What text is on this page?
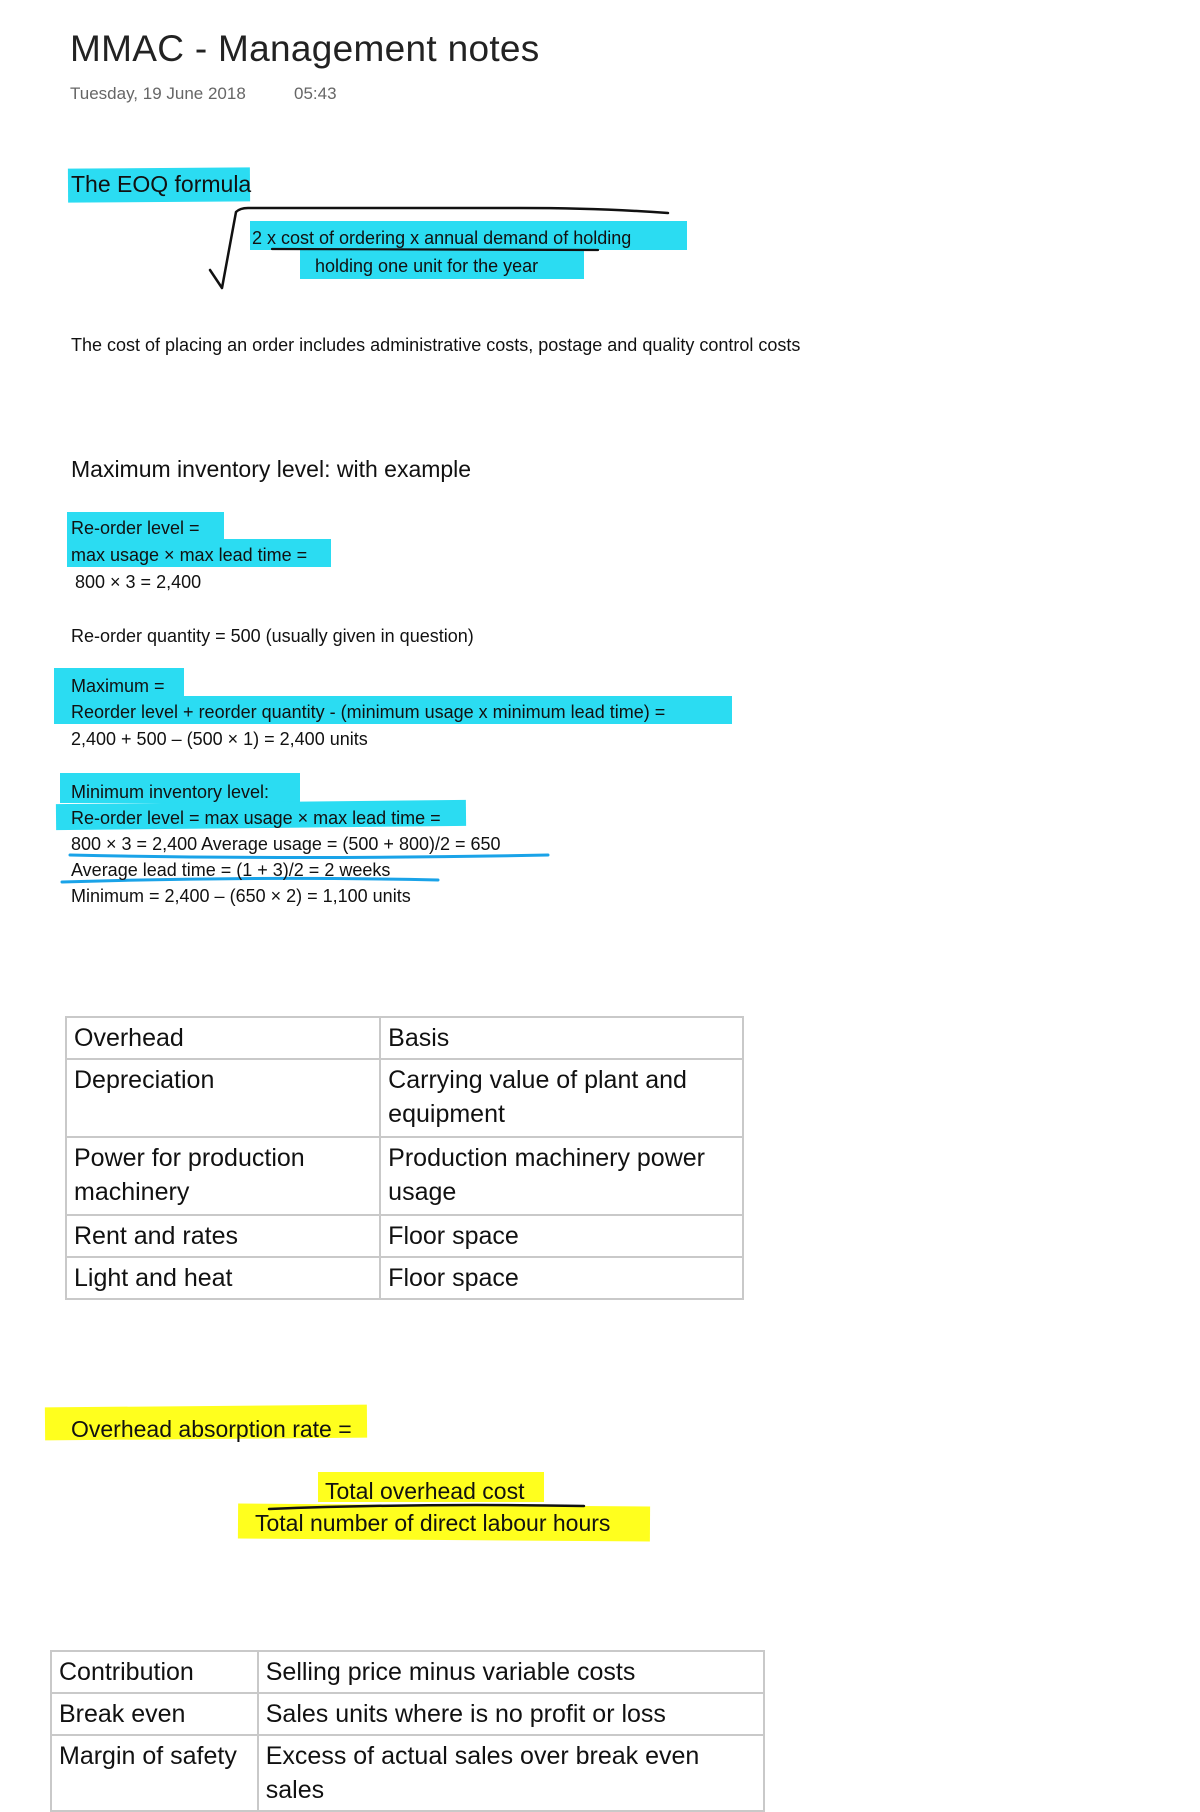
MMAC - Management notes
Tuesday, 19 June 2018	05:43
The EOQ formula
2 x cost of ordering x annual demand of holding
holding one unit for the year
The cost of placing an order includes administrative costs, postage and quality control costs
Maximum inventory level: with example
Re-order level =
max usage × max lead time =
800 × 3 = 2,400
Re-order quantity = 500 (usually given in question)
Maximum =
Reorder level + reorder quantity - (minimum usage x minimum lead time) =
2,400 + 500 – (500 × 1) = 2,400 units
Minimum inventory level:
Re-order level = max usage × max lead time =
800 × 3 = 2,400 Average usage = (500 + 800)/2 = 650
Average lead time = (1 + 3)/2 = 2 weeks
Minimum = 2,400 – (650 × 2) = 1,100 units
Overhead	Basis
Depreciation	Carrying value of plant and equipment
Power for production machinery	Production machinery power usage
Rent and rates	Floor space
Light and heat	Floor space
Overhead absorption rate =
Total overhead cost
Total number of direct labour hours
Contribution	Selling price minus variable costs
Break even	Sales units where is no profit or loss
Margin of safety	Excess of actual sales over break even sales
